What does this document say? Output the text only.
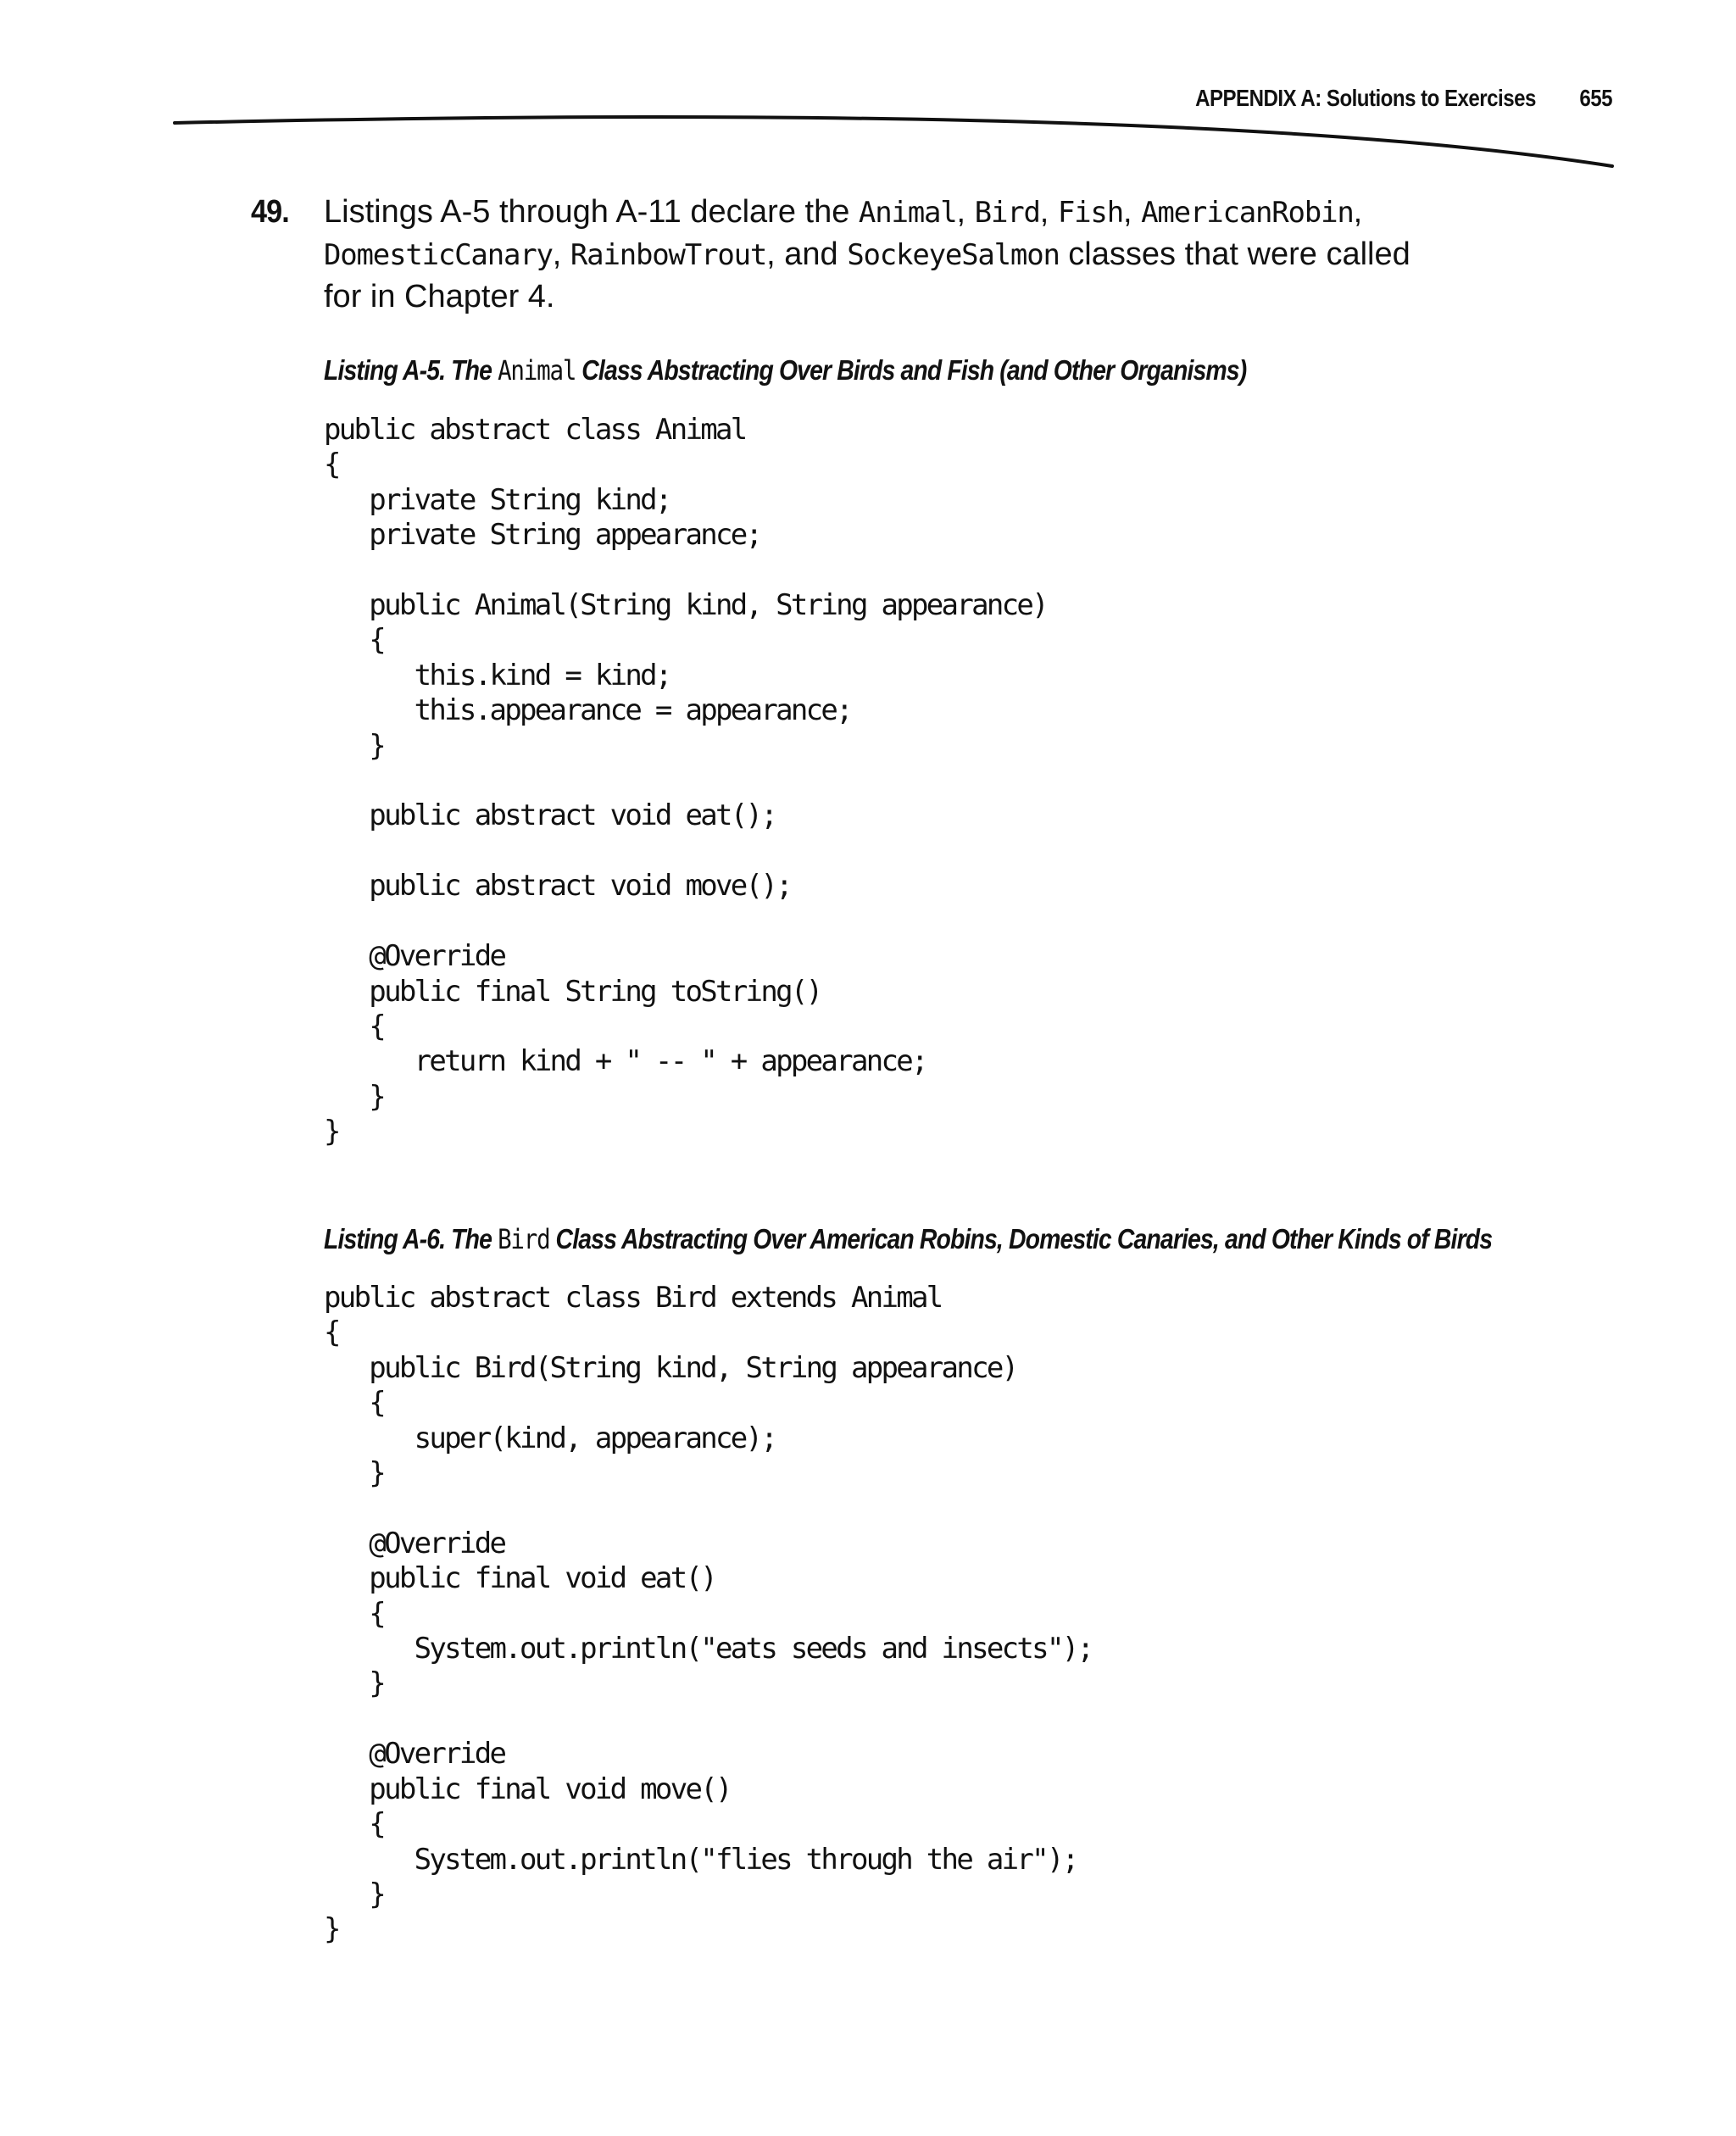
APPENDIX A: Solutions to Exercises 655
49. Listings A-5 through A-11 declare the Animal, Bird, Fish, AmericanRobin,
DomesticCanary, RainbowTrout, and SockeyeSalmon classes that were called
for in Chapter 4.
Listing A-5. The Animal Class Abstracting Over Birds and Fish (and Other Organisms)
public abstract class Animal
{
private String kind;
private String appearance;

public Animal(String kind, String appearance)
{
this.kind = kind;
this.appearance = appearance;
}

public abstract void eat();

public abstract void move();

@Override
public final String toString()
{
return kind + " -- " + appearance;
}
}
Listing A-6. The Bird Class Abstracting Over American Robins, Domestic Canaries, and Other Kinds of Birds
public abstract class Bird extends Animal
{
public Bird(String kind, String appearance)
{
super(kind, appearance);
}

@Override
public final void eat()
{
System.out.println("eats seeds and insects");
}

@Override
public final void move()
{
System.out.println("flies through the air");
}
}
